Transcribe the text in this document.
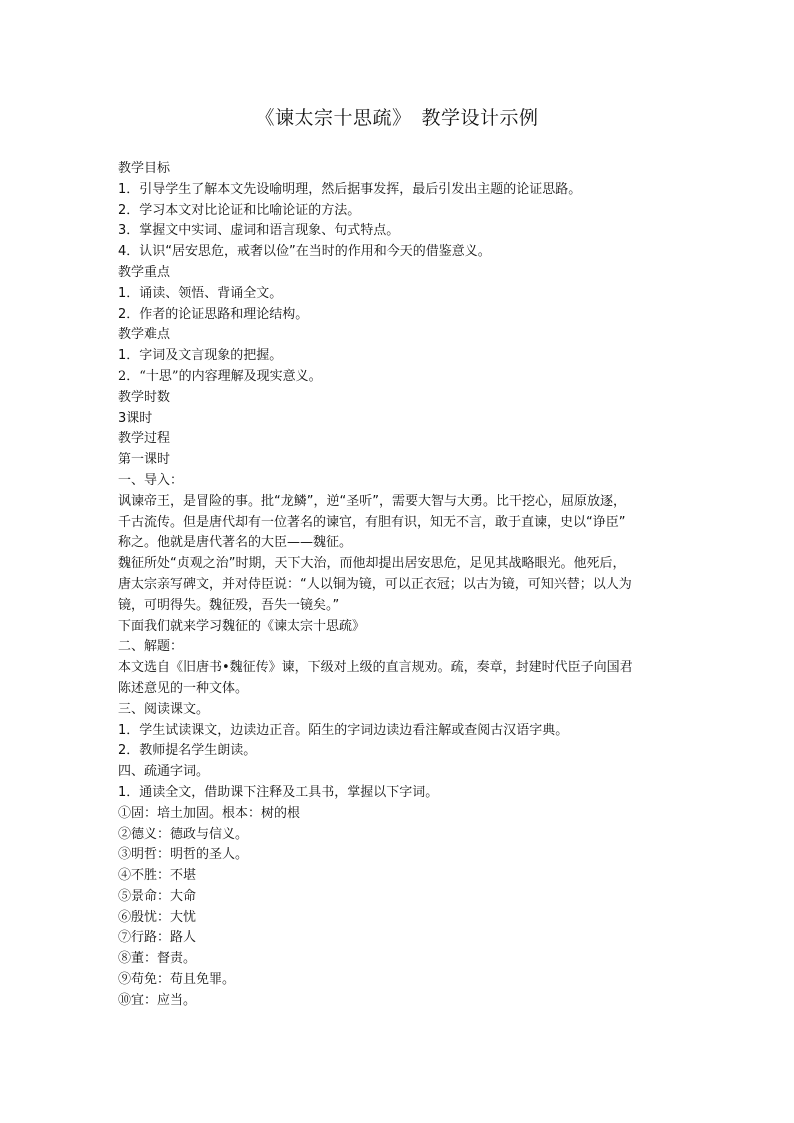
《谏太宗十思疏》　教学设计示例
教学目标
1．引导学生了解本文先设喻明理，然后据事发挥，最后引发出主题的论证思路。
2．学习本文对比论证和比喻论证的方法。
3．掌握文中实词、虚词和语言现象、句式特点。
4．认识“居安思危，戒奢以俭”在当时的作用和今天的借鉴意义。
教学重点
1．诵读、领悟、背诵全文。
2．作者的论证思路和理论结构。
教学难点
1．字词及文言现象的把握。
2．“十思”的内容理解及现实意义。
教学时数
3课时
教学过程
第一课时
一、导入：
讽谏帝王，是冒险的事。批“龙鳞”，逆“圣听”，需要大智与大勇。比干挖心，屈原放逐，
千古流传。但是唐代却有一位著名的谏官，有胆有识，知无不言，敢于直谏，史以“诤臣”
称之。他就是唐代著名的大臣——魏征。
魏征所处“贞观之治”时期，天下大治，而他却提出居安思危，足见其战略眼光。他死后，
唐太宗亲写碑文，并对侍臣说：“人以铜为镜，可以正衣冠；以古为镜，可知兴替；以人为
镜，可明得失。魏征殁，吾失一镜矣。”
下面我们就来学习魏征的《谏太宗十思疏》
二、解题：
本文选自《旧唐书•魏征传》谏，下级对上级的直言规劝。疏，奏章，封建时代臣子向国君
陈述意见的一种文体。
三、阅读课文。
1．学生试读课文，边读边正音。陌生的字词边读边看注解或查阅古汉语字典。
2．教师提名学生朗读。
四、疏通字词。
1．通读全文，借助课下注释及工具书，掌握以下字词。
①固：培土加固。根本：树的根
②德义：德政与信义。
③明哲：明哲的圣人。
④不胜：不堪
⑤景命：大命
⑥殷忧：大忧
⑦行路：路人
⑧董：督责。
⑨苟免：苟且免罪。
⑩宜：应当。
